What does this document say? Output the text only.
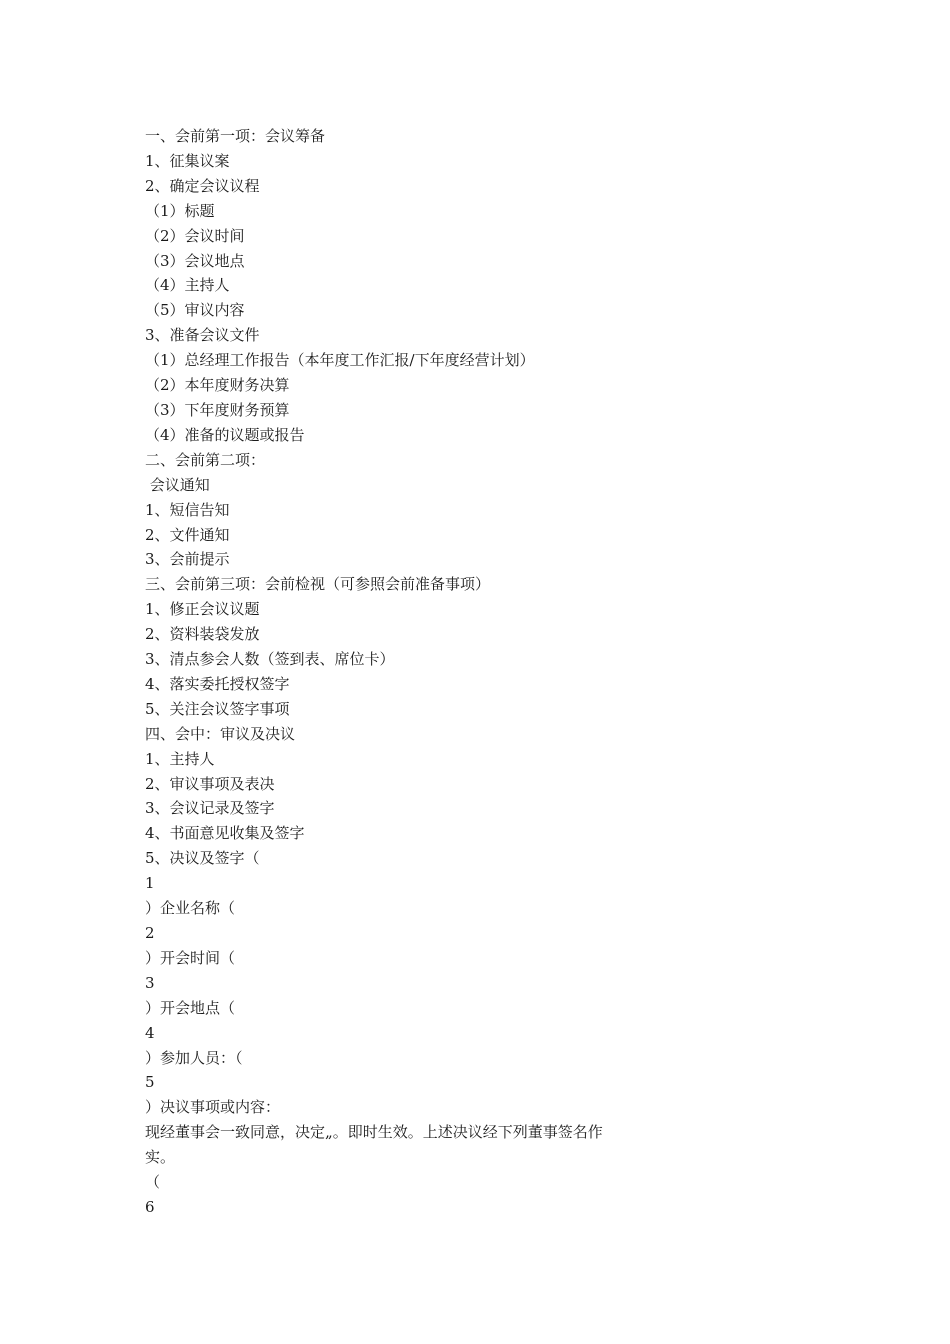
一、会前第一项：会议筹备
1、征集议案
2、确定会议议程
（1）标题
（2）会议时间
（3）会议地点
（4）主持人
（5）审议内容
3、准备会议文件
（1）总经理工作报告（本年度工作汇报/下年度经营计划）
（2）本年度财务决算
（3）下年度财务预算
（4）准备的议题或报告
二、会前第二项：
会议通知
1、短信告知
2、文件通知
3、会前提示
三、会前第三项：会前检视（可参照会前准备事项）
1、修正会议议题
2、资料装袋发放
3、清点参会人数（签到表、席位卡）
4、落实委托授权签字
5、关注会议签字事项
四、会中：审议及决议
1、主持人
2、审议事项及表决
3、会议记录及签字
4、书面意见收集及签字
5、决议及签字（
1
）企业名称（
2
）开会时间（
3
）开会地点（
4
）参加人员：（
5
）决议事项或内容：
现经董事会一致同意，决定„。即时生效。上述决议经下列董事签名作
实。
（
6
